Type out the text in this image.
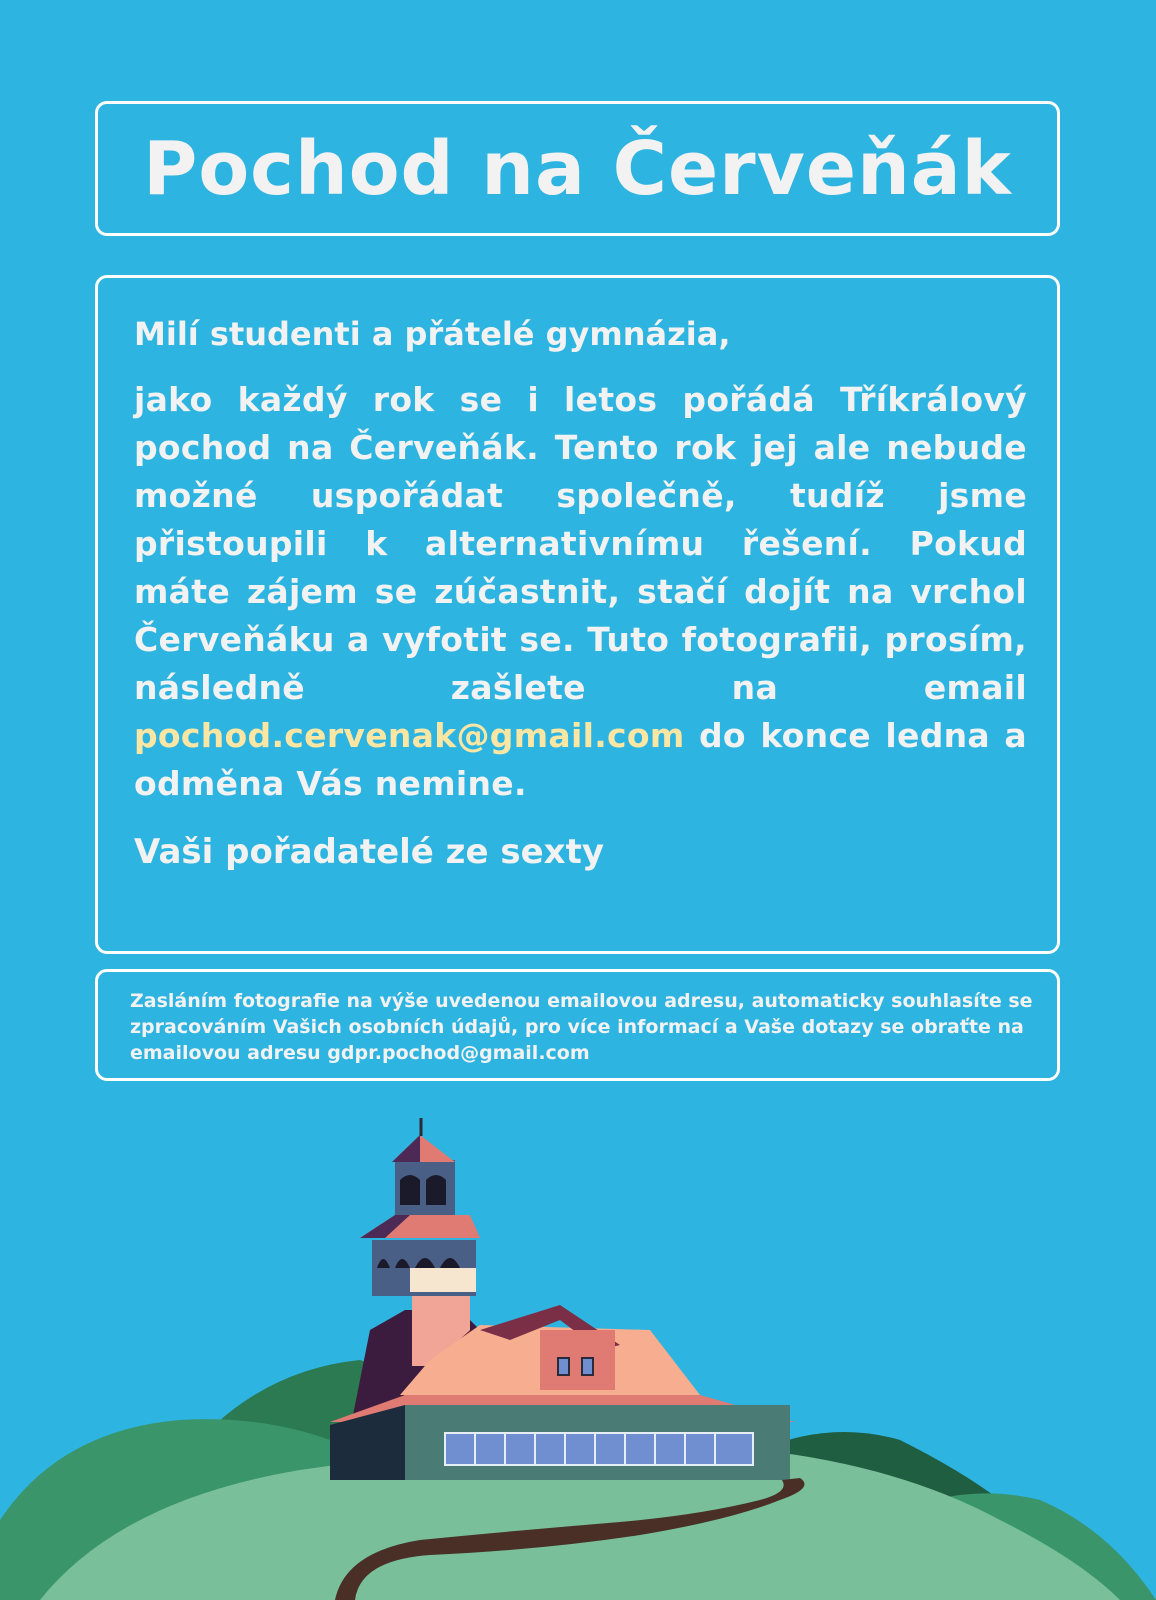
Pochod na Červeňák

Milí studenti a přátelé gymnázia,

jako každý rok se i letos pořádá Tříkrálový pochod na Červeňák. Tento rok jej ale nebude možné uspořádat společně, tudíž jsme přistoupili k alternativnímu řešení. Pokud máte zájem se zúčastnit, stačí dojít na vrchol Červeňáku a vyfotit se. Tuto fotografii, prosím, následně zašlete na email pochod.cervenak@gmail.com do konce ledna a odměna Vás nemine.

Vaši pořadatelé ze sexty

Zasláním fotografie na výše uvedenou emailovou adresu, automaticky souhlasíte se zpracováním Vašich osobních údajů, pro více informací a Vaše dotazy se obraťte na emailovou adresu gdpr.pochod@gmail.com
